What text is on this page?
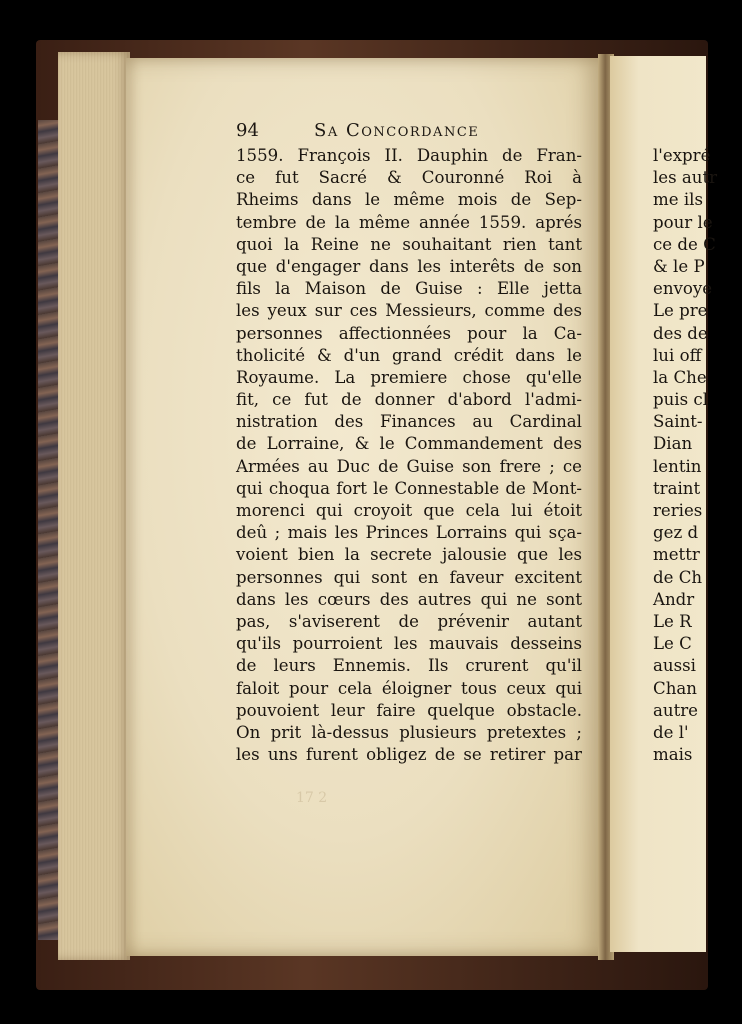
94	Sa Concordance
1559. François II. Dauphin de Fran-
ce fut Sacré & Couronné Roi à
Rheims dans le même mois de Sep-
tembre de la même année 1559. aprés
quoi la Reine ne souhaitant rien tant
que d'engager dans les interêts de son
fils la Maison de Guise : Elle jetta
les yeux sur ces Messieurs, comme des
personnes affectionnées pour la Ca-
tholicité & d'un grand crédit dans le
Royaume. La premiere chose qu'elle
fit, ce fut de donner d'abord l'admi-
nistration des Finances au Cardinal
de Lorraine, & le Commandement des
Armées au Duc de Guise son frere ; ce
qui choqua fort le Connestable de Mont-
morenci qui croyoit que cela lui étoit
deû ; mais les Princes Lorrains qui sça-
voient bien la secrete jalousie que les
personnes qui sont en faveur excitent
dans les cœurs des autres qui ne sont
pas, s'aviserent de prévenir autant
qu'ils pourroient les mauvais desseins
de leurs Ennemis. Ils crurent qu'il
faloit pour cela éloigner tous ceux qui
pouvoient leur faire quelque obstacle.
On prit là-dessus plusieurs pretextes ;
les uns furent obligez de se retirer par
17 2
l'expré
les autr
me ils
pour le
ce de C
& le P
envoye
Le pre
des de
lui off
la Che
puis cl
Saint-
Dian
lentin
traint
reries
gez d
mettr
de Ch
Andr
Le R
Le C
aussi
Chan
autre
de l'
mais
